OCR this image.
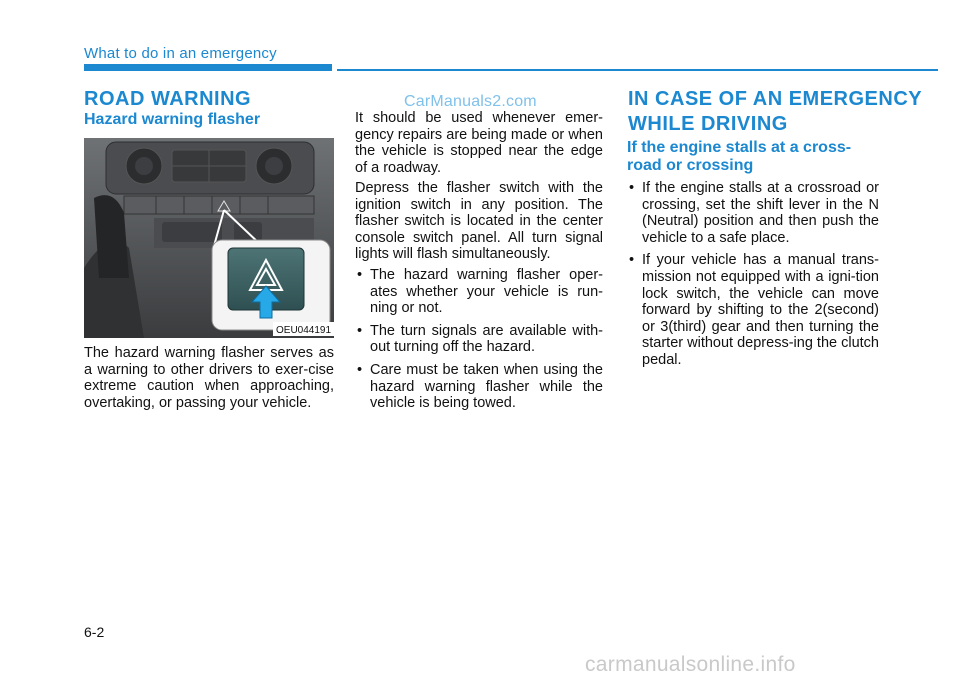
What to do in an emergency
CarManuals2.com
ROAD WARNING
Hazard warning flasher
OEU044191

The hazard warning flasher serves as a warning to other drivers to exer-cise extreme caution when approaching, overtaking, or passing your vehicle.

It should be used whenever emer-gency repairs are being made or when the vehicle is stopped near the edge of a roadway.

Depress the flasher switch with the ignition switch in any position. The flasher switch is located in the center console switch panel. All turn signal lights will flash simultaneously.

• The hazard warning flasher oper-ates whether your vehicle is run-ning or not.
• The turn signals are available with-out turning off the hazard.
• Care must be taken when using the hazard warning flasher while the vehicle is being towed.
IN CASE OF AN EMERGENCY
WHILE DRIVING
If the engine stalls at a cross-road or crossing
• If the engine stalls at a crossroad or crossing, set the shift lever in the N (Neutral) position and then push the vehicle to a safe place.
• If your vehicle has a manual trans-mission not equipped with a igni-tion lock switch, the vehicle can move forward by shifting to the 2(second) or 3(third) gear and then turning the starter without depress-ing the clutch pedal.
6-2
carmanualsonline.info
